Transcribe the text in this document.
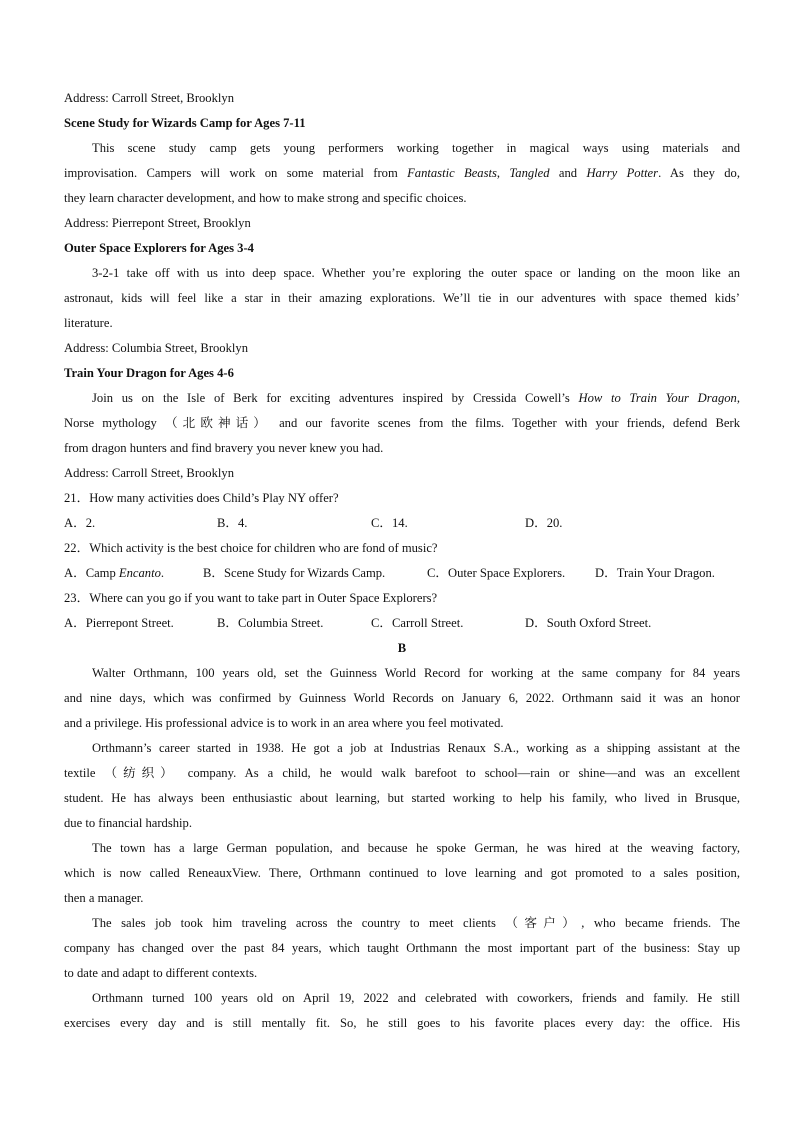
Address: Carroll Street, Brooklyn
Scene Study for Wizards Camp for Ages 7-11
This scene study camp gets young performers working together in magical ways using materials and
improvisation. Campers will work on some material from Fantastic Beasts, Tangled and Harry Potter. As they do,
they learn character development, and how to make strong and specific choices.
Address: Pierrepont Street, Brooklyn
Outer Space Explorers for Ages 3-4
3-2-1 take off with us into deep space. Whether you’re exploring the outer space or landing on the moon like an
astronaut, kids will feel like a star in their amazing explorations. We’ll tie in our adventures with space themed kids’
literature.
Address: Columbia Street, Brooklyn
Train Your Dragon for Ages 4-6
Join us on the Isle of Berk for exciting adventures inspired by Cressida Cowell’s How to Train Your Dragon,
Norse mythology （北欧神话） and our favorite scenes from the films. Together with your friends, defend Berk
from dragon hunters and find bravery you never knew you had.
Address: Carroll Street, Brooklyn
21．How many activities does Child’s Play NY offer?
A．2.	B．4.	C．14.	D．20.
22．Which activity is the best choice for children who are fond of music?
A．Camp Encanto.	B．Scene Study for Wizards Camp.	C．Outer Space Explorers. D．Train Your Dragon.
23．Where can you go if you want to take part in Outer Space Explorers?
A．Pierrepont Street.	B．Columbia Street.	C．Carroll Street.	D．South Oxford Street.
B
Walter Orthmann, 100 years old, set the Guinness World Record for working at the same company for 84 years
and nine days, which was confirmed by Guinness World Records on January 6, 2022. Orthmann said it was an honor
and a privilege. His professional advice is to work in an area where you feel motivated.
Orthmann’s career started in 1938. He got a job at Industrias Renaux S.A., working as a shipping assistant at the
textile （纺织） company. As a child, he would walk barefoot to school—rain or shine—and was an excellent
student. He has always been enthusiastic about learning, but started working to help his family, who lived in Brusque,
due to financial hardship.
The town has a large German population, and because he spoke German, he was hired at the weaving factory,
which is now called ReneauxView. There, Orthmann continued to love learning and got promoted to a sales position,
then a manager.
The sales job took him traveling across the country to meet clients （客户）, who became friends. The
company has changed over the past 84 years, which taught Orthmann the most important part of the business: Stay up
to date and adapt to different contexts.
Orthmann turned 100 years old on April 19, 2022 and celebrated with coworkers, friends and family. He still
exercises every day and is still mentally fit. So, he still goes to his favorite places every day: the office. His
